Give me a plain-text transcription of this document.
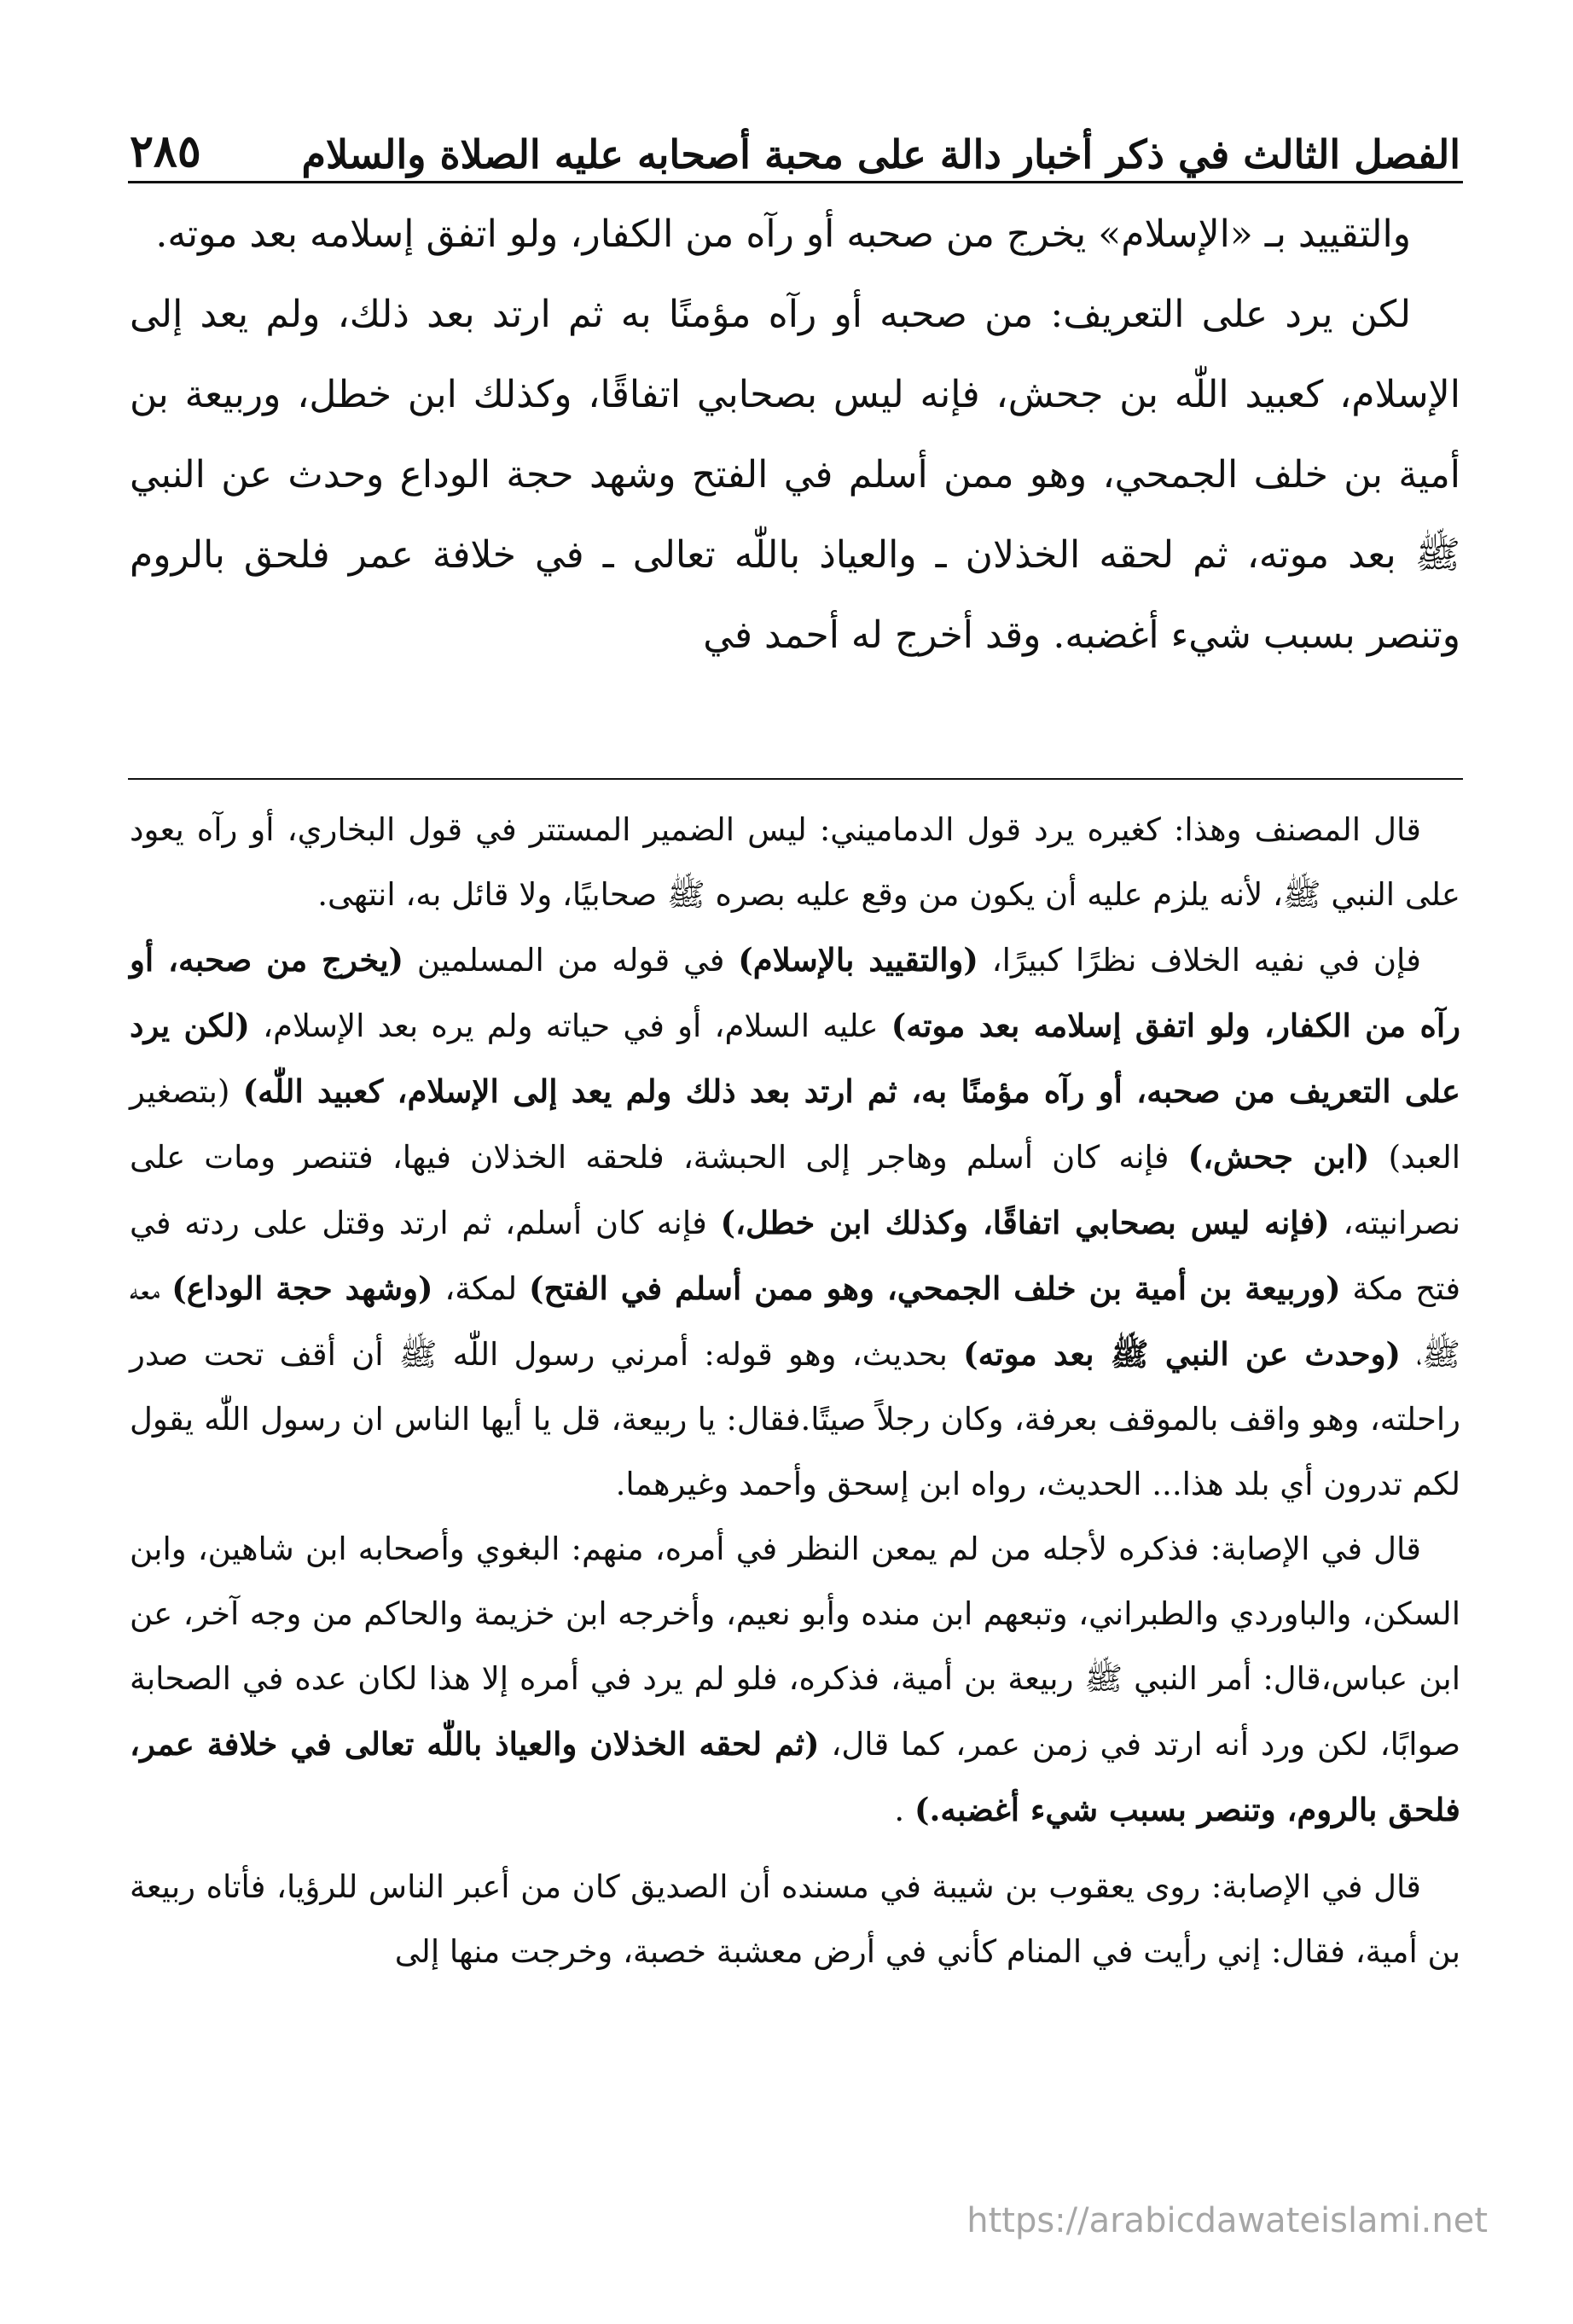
الفصل الثالث في ذكر أخبار دالة على محبة أصحابه عليه الصلاة والسلام
٢٨٥

والتقييد بـ «الإسلام» يخرج من صحبه أو رآه من الكفار، ولو اتفق إسلامه بعد موته.

لكن يرد على التعريف: من صحبه أو رآه مؤمنًا به ثم ارتد بعد ذلك، ولم يعد إلى الإسلام، كعبيد اللّٰه بن جحش، فإنه ليس بصحابي اتفاقًا، وكذلك ابن خطل، وربيعة بن أمية بن خلف الجمحي، وهو ممن أسلم في الفتح وشهد حجة الوداع وحدث عن النبي ﷺ بعد موته، ثم لحقه الخذلان ـ والعياذ باللّٰه تعالى ـ في خلافة عمر فلحق بالروم وتنصر بسبب شيء أغضبه. وقد أخرج له أحمد في

قال المصنف وهذا: كغيره يرد قول الدماميني: ليس الضمير المستتر في قول البخاري، أو رآه يعود على النبي ﷺ، لأنه يلزم عليه أن يكون من وقع عليه بصره ﷺ صحابيًا، ولا قائل به، انتهى.

فإن في نفيه الخلاف نظرًا كبيرًا، (والتقييد بالإسلام) في قوله من المسلمين (يخرج من صحبه، أو رآه من الكفار، ولو اتفق إسلامه بعد موته) عليه السلام، أو في حياته ولم يره بعد الإسلام، (لكن يرد على التعريف من صحبه، أو رآه مؤمنًا به، ثم ارتد بعد ذلك ولم يعد إلى الإسلام، كعبيد اللّٰه) (بتصغير العبد) (ابن جحش،) فإنه كان أسلم وهاجر إلى الحبشة، فلحقه الخذلان فيها، فتنصر ومات على نصرانيته، (فإنه ليس بصحابي اتفاقًا، وكذلك ابن خطل،) فإنه كان أسلم، ثم ارتد وقتل على ردته في فتح مكة (وربيعة بن أمية بن خلف الجمحي، وهو ممن أسلم في الفتح) لمكة، (وشهد حجة الوداع) معه ﷺ، (وحدث عن النبي ﷺ بعد موته) بحديث، وهو قوله: أمرني رسول اللّٰه ﷺ أن أقف تحت صدر راحلته، وهو واقف بالموقف بعرفة، وكان رجلاً صيتًا.فقال: يا ربيعة، قل يا أيها الناس ان رسول اللّٰه يقول لكم تدرون أي بلد هذا... الحديث، رواه ابن إسحق وأحمد وغيرهما.

قال في الإصابة: فذكره لأجله من لم يمعن النظر في أمره، منهم: البغوي وأصحابه ابن شاهين، وابن السكن، والباوردي والطبراني، وتبعهم ابن منده وأبو نعيم، وأخرجه ابن خزيمة والحاكم من وجه آخر، عن ابن عباس،قال: أمر النبي ﷺ ربيعة بن أمية، فذكره، فلو لم يرد في أمره إلا هذا لكان عده في الصحابة صوابًا، لكن ورد أنه ارتد في زمن عمر، كما قال، (ثم لحقه الخذلان والعياذ باللّٰه تعالى في خلافة عمر، فلحق بالروم، وتنصر بسبب شيء أغضبه.) .

قال في الإصابة: روى يعقوب بن شيبة في مسنده أن الصديق كان من أعبر الناس للرؤيا، فأتاه ربيعة بن أمية، فقال: إني رأيت في المنام كأني في أرض معشبة خصبة، وخرجت منها إلى

https://arabicdawateislami.net
